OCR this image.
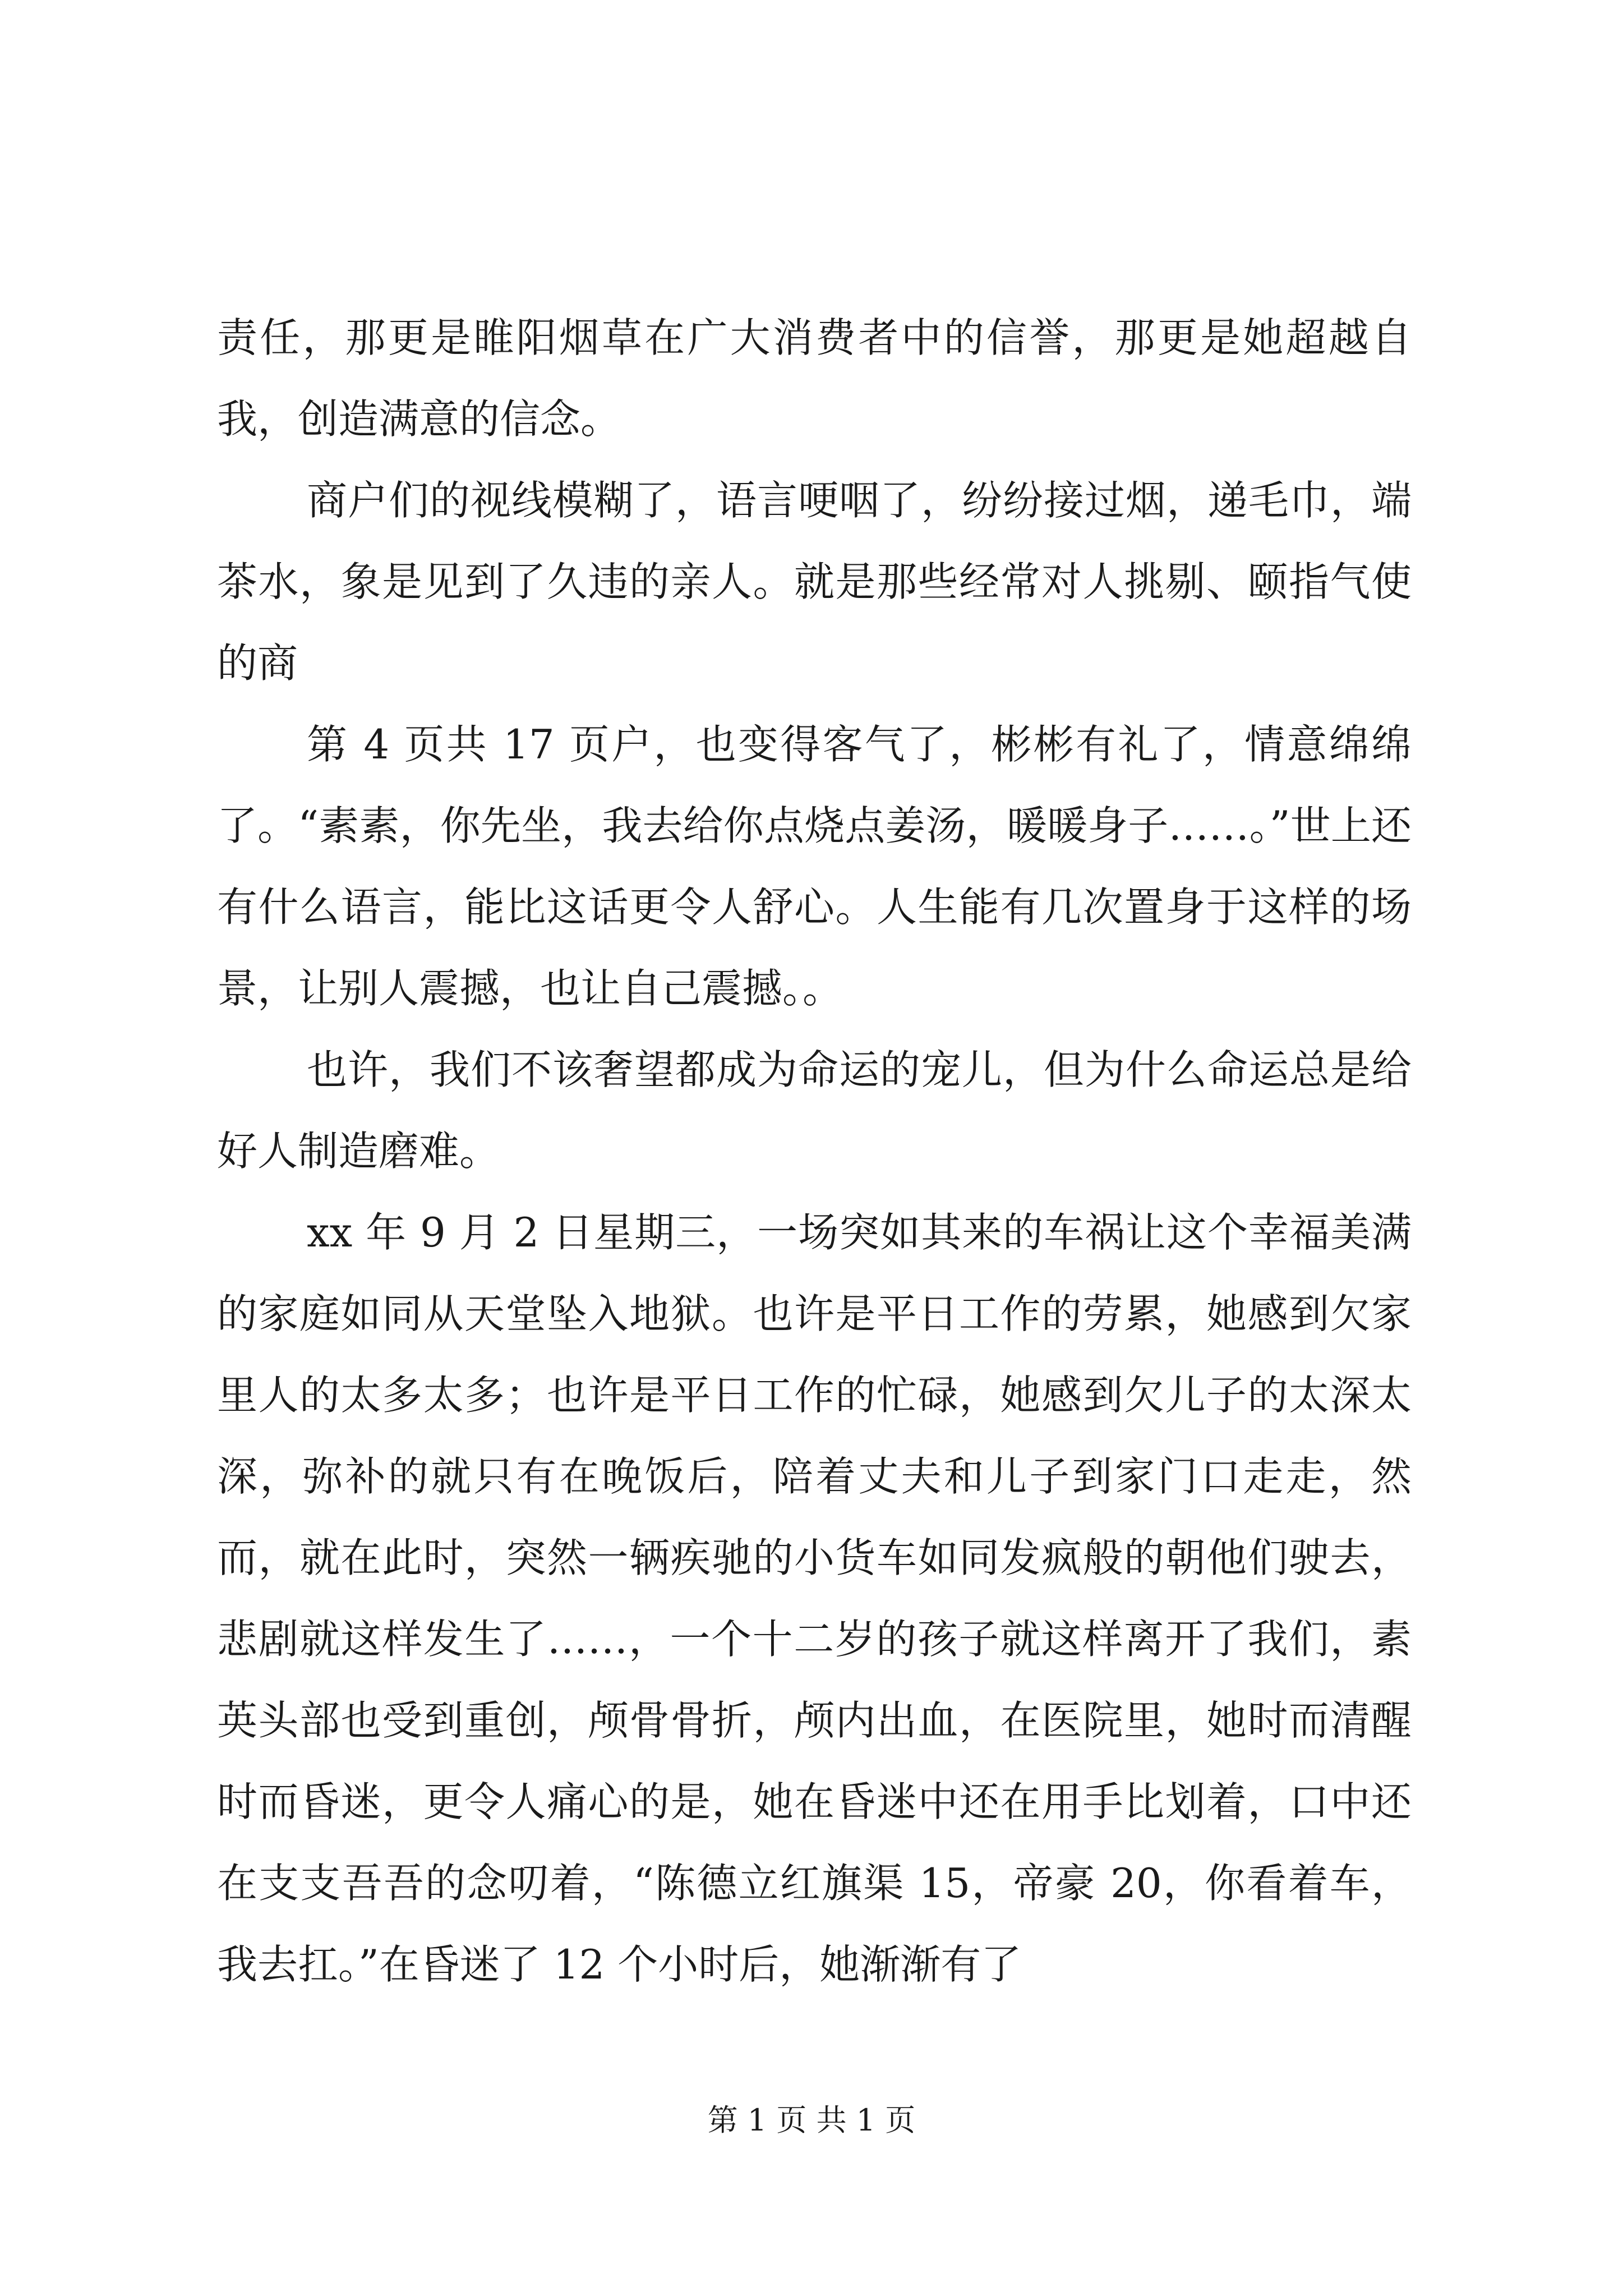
责任，那更是睢阳烟草在广大消费者中的信誉，那更是她超越自我，创造满意的信念。

商户们的视线模糊了，语言哽咽了，纷纷接过烟，递毛巾，端茶水，象是见到了久违的亲人。就是那些经常对人挑剔、颐指气使的商

第 4 页共 17 页户，也变得客气了，彬彬有礼了，情意绵绵了。“素素，你先坐，我去给你点烧点姜汤，暖暖身子……。”世上还有什么语言，能比这话更令人舒心。人生能有几次置身于这样的场景，让别人震撼，也让自己震撼。。

也许，我们不该奢望都成为命运的宠儿，但为什么命运总是给好人制造磨难。

xx 年 9 月 2 日星期三，一场突如其来的车祸让这个幸福美满的家庭如同从天堂坠入地狱。也许是平日工作的劳累，她感到欠家里人的太多太多；也许是平日工作的忙碌，她感到欠儿子的太深太深，弥补的就只有在晚饭后，陪着丈夫和儿子到家门口走走，然而，就在此时，突然一辆疾驰的小货车如同发疯般的朝他们驶去，悲剧就这样发生了……，一个十二岁的孩子就这样离开了我们，素英头部也受到重创，颅骨骨折，颅内出血，在医院里，她时而清醒时而昏迷，更令人痛心的是，她在昏迷中还在用手比划着，口中还在支支吾吾的念叨着，“陈德立红旗渠 15，帝豪 20，你看着车，我去扛。”在昏迷了 12 个小时后，她渐渐有了

第 1 页 共 1 页
